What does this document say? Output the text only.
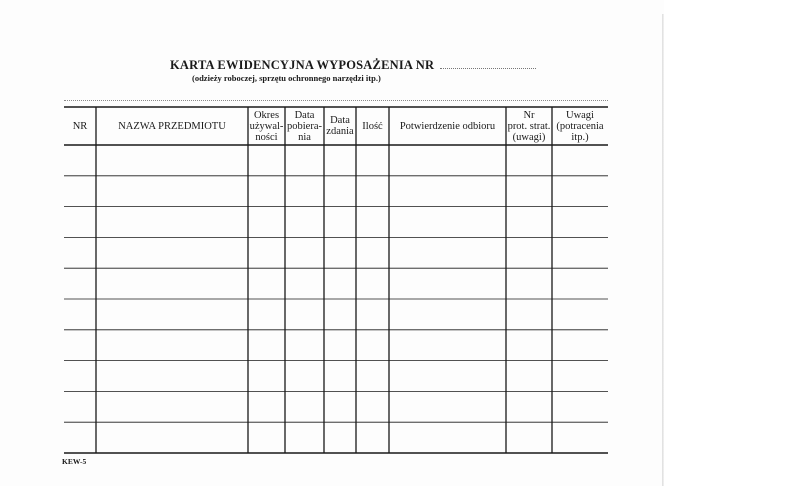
KARTA EWIDENCYJNA WYPOSAŻENIA NR
(odzieży roboczej, sprzętu ochronnego narzędzi itp.)
NR	NAZWA PRZEDMIOTU
Okres
używal-
ności
Data
pobiera-
nia
Data
zdania Ilość	Potwierdzenie odbioru
Nr
prot. strat.
(uwagi)
Uwagi
(potracenia
itp.)
KEW-5
